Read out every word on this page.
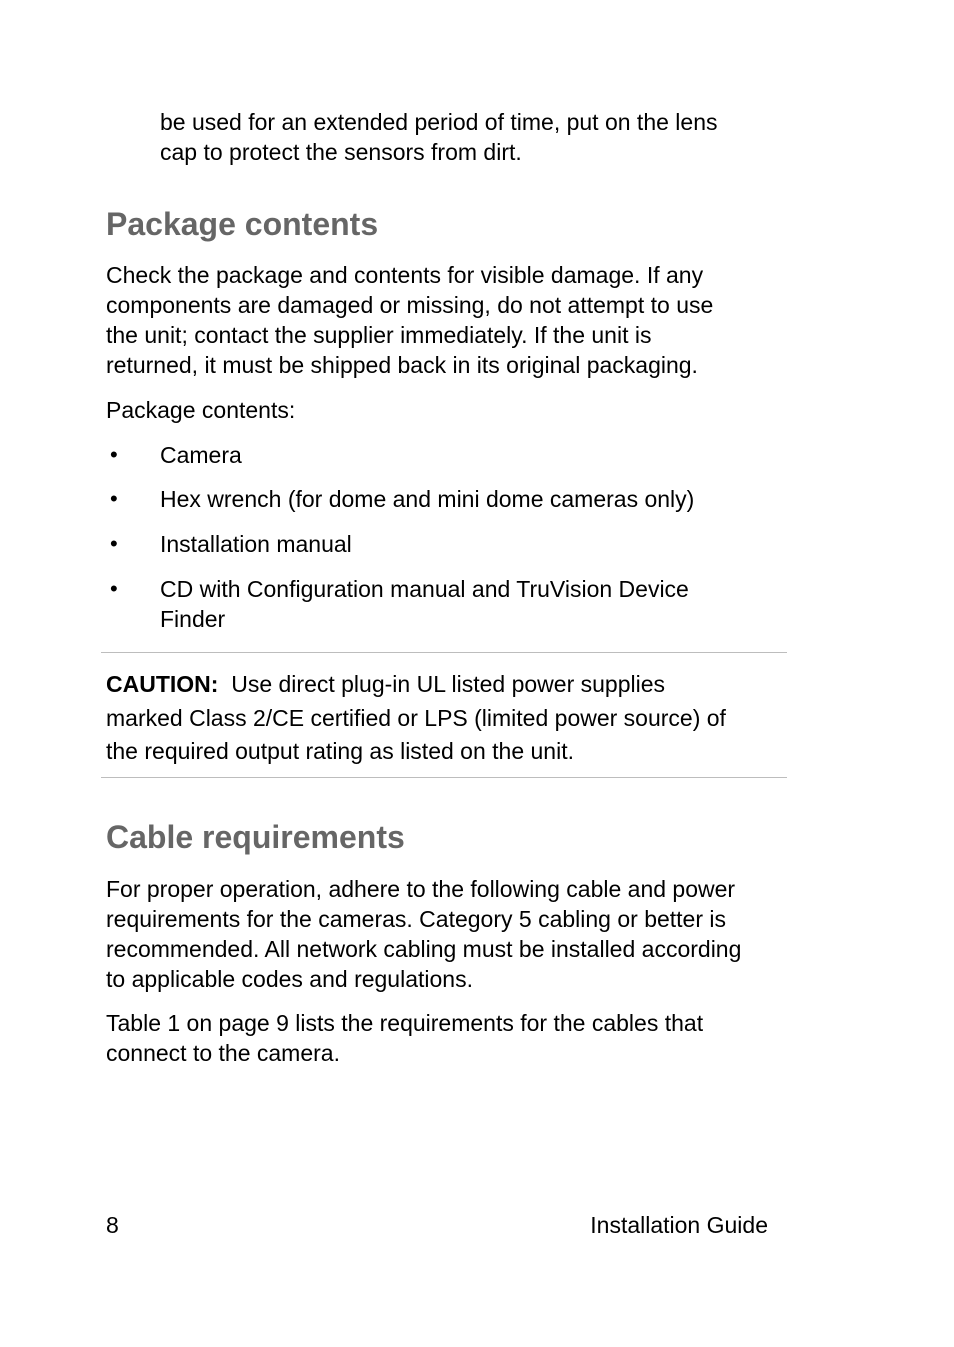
be used for an extended period of time, put on the lens

cap to protect the sensors from dirt.

Package contents

Check the package and contents for visible damage. If any

components are damaged or missing, do not attempt to use

the unit; contact the supplier immediately. If the unit is

returned, it must be shipped back in its original packaging.

Package contents:

• Camera

• Hex wrench (for dome and mini dome cameras only)

• Installation manual

• CD with Configuration manual and TruVision Device

Finder

CAUTION: Use direct plug-in UL listed power supplies

marked Class 2/CE certified or LPS (limited power source) of

the required output rating as listed on the unit.

Cable requirements

For proper operation, adhere to the following cable and power

requirements for the cameras. Category 5 cabling or better is

recommended. All network cabling must be installed according

to applicable codes and regulations.

Table 1 on page 9 lists the requirements for the cables that

connect to the camera.

8	Installation Guide
